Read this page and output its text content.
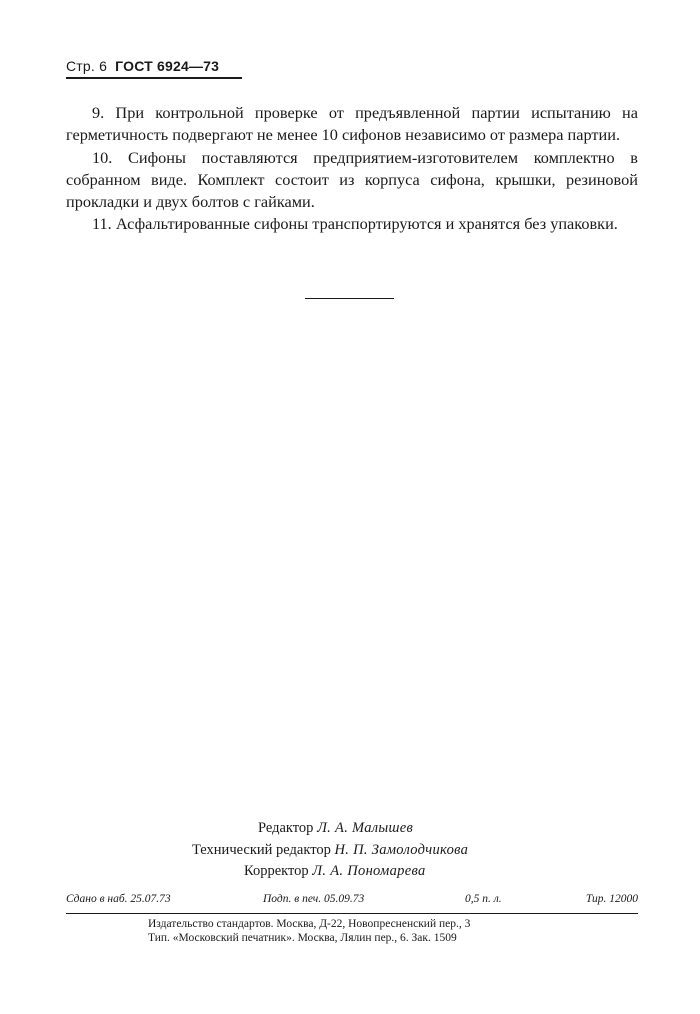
Стр. 6 ГОСТ 6924—73

9. При контрольной проверке от предъявленной партии испытанию на герметичность подвергают не менее 10 сифонов независимо от размера партии.

10. Сифоны поставляются предприятием-изготовителем комплектно в собранном виде. Комплект состоит из корпуса сифона, крышки, резиновой прокладки и двух болтов с гайками.

11. Асфальтированные сифоны транспортируются и хранятся без упаковки.

Редактор Л. А. Малышев
Технический редактор Н. П. Замолодчикова
Корректор Л. А. Пономарева
Сдано в наб. 25.07.73	Подп. в печ. 05.09.73	0,5 п. л.	Тир. 12000
Издательство стандартов. Москва, Д-22, Новопресненский пер., 3
Тип. «Московский печатник». Москва, Лялин пер., 6. Зак. 1509
